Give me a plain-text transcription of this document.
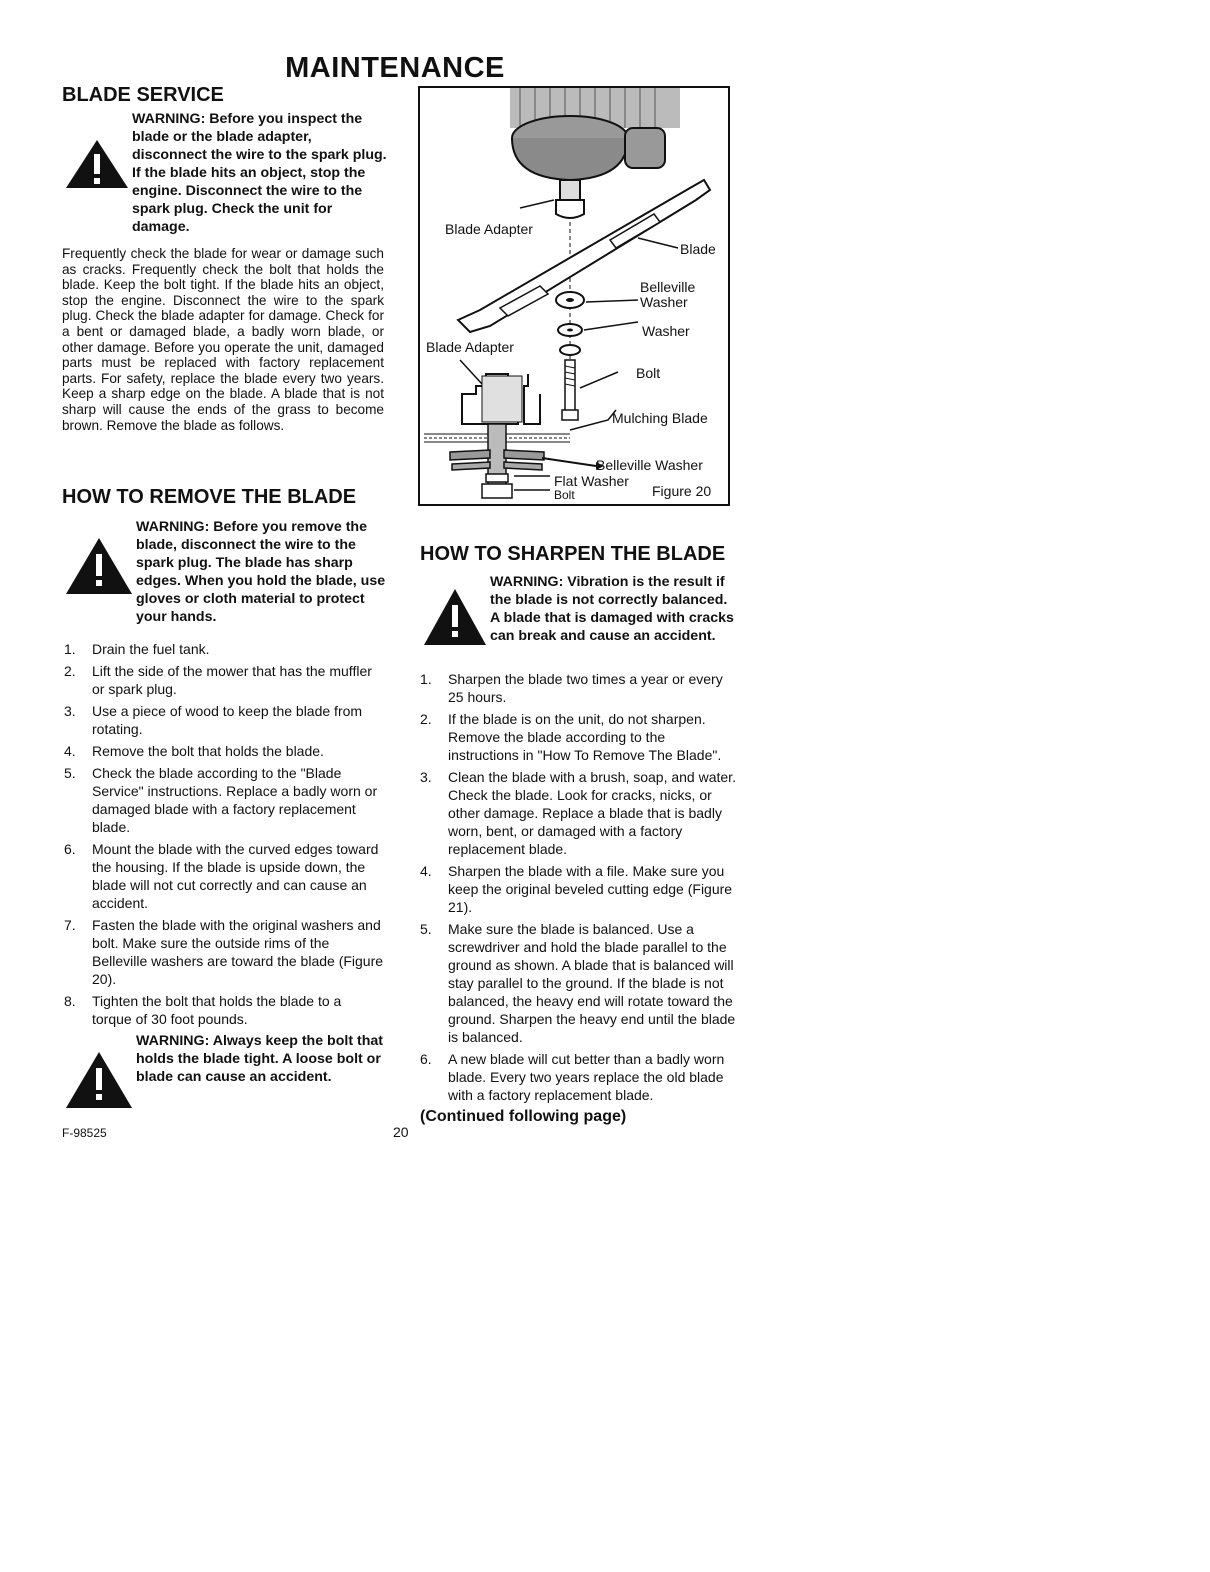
MAINTENANCE
BLADE SERVICE
WARNING: Before you inspect the blade or the blade adapter, disconnect the wire to the spark plug. If the blade hits an object, stop the engine. Disconnect the wire to the spark plug. Check the unit for damage.
Frequently check the blade for wear or damage such as cracks. Frequently check the bolt that holds the blade. Keep the bolt tight. If the blade hits an object, stop the engine. Disconnect the wire to the spark plug. Check the blade adapter for damage. Check for a bent or damaged blade, a badly worn blade, or other damage. Before you operate the unit, damaged parts must be replaced with factory replacement parts. For safety, replace the blade every two years. Keep a sharp edge on the blade. A blade that is not sharp will cause the ends of the grass to become brown. Remove the blade as follows.
HOW TO REMOVE THE BLADE
WARNING: Before you remove the blade, disconnect the wire to the spark plug. The blade has sharp edges. When you hold the blade, use gloves or cloth material to protect your hands.
1.	Drain the fuel tank.
2.	Lift the side of the mower that has the muffler or spark plug.
3.	Use a piece of wood to keep the blade from rotating.
4.	Remove the bolt that holds the blade.
5.	Check the blade according to the "Blade Service" instructions. Replace a badly worn or damaged blade with a factory replacement blade.
6.	Mount the blade with the curved edges toward the housing. If the blade is upside down, the blade will not cut correctly and can cause an accident.
7.	Fasten the blade with the original washers and bolt. Make sure the outside rims of the Belleville washers are toward the blade (Figure 20).
8.	Tighten the bolt that holds the blade to a torque of 30 foot pounds.
WARNING: Always keep the bolt that holds the blade tight. A loose bolt or blade can cause an accident.
F-98525	20
Blade Adapter
Blade
Belleville
Washer
Washer
Blade Adapter
Bolt
Mulching Blade
Belleville Washer
Flat Washer
Bolt	Figure 20
HOW TO SHARPEN THE BLADE
WARNING: Vibration is the result if the blade is not correctly balanced. A blade that is damaged with cracks can break and cause an accident.
1.	Sharpen the blade two times a year or every 25 hours.
2.	If the blade is on the unit, do not sharpen. Remove the blade according to the instructions in "How To Remove The Blade".
3.	Clean the blade with a brush, soap, and water. Check the blade. Look for cracks, nicks, or other damage. Replace a blade that is badly worn, bent, or damaged with a factory replacement blade.
4.	Sharpen the blade with a file. Make sure you keep the original beveled cutting edge (Figure 21).
5.	Make sure the blade is balanced. Use a screwdriver and hold the blade parallel to the ground as shown. A blade that is balanced will stay parallel to the ground. If the blade is not balanced, the heavy end will rotate toward the ground. Sharpen the heavy end until the blade is balanced.
6.	A new blade will cut better than a badly worn blade. Every two years replace the old blade with a factory replacement blade.
(Continued following page)
